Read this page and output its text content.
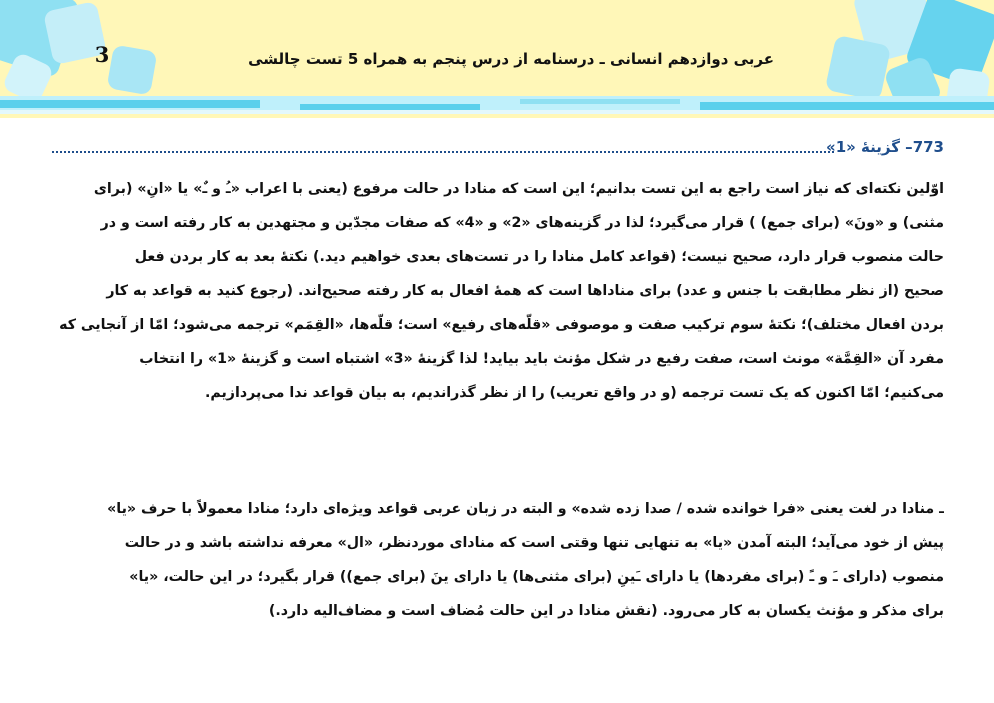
3	عربی دوازدهم انسانی ـ درسنامه از درس پنجم به همراه 5 تست چالشی
773– گزینۀ «1»

اوّلین نکته‌ای که نیاز است راجع به این تست بدانیم؛ این است که منادا در حالت مرفوع (یعنی با اعراب «ـُ و ـٌ» یا «انِ» (برای

مثنی) و «ونَ» (برای جمع) ) قرار می‌گیرد؛ لذا در گزینه‌های «2» و «4» که صفات مجدّین و مجتهدین به کار رفته است و در

حالت منصوب قرار دارد، صحیح نیست؛ (قواعد کامل منادا را در تست‌های بعدی خواهیم دید.) نکتۀ بعد به کار بردن فعل

صحیح (از نظر مطابقت با جنس و عدد) برای مناداها است که همۀ افعال به کار رفته صحیح‌اند. (رجوع کنید به قواعد به کار

بردن افعال مختلف)؛ نکتۀ سوم ترکیب صفت و موصوفی «قلّه‌های رفیع» است؛ قلّه‌ها، «القِمَم» ترجمه می‌شود؛ امّا از آنجایی که

مفرد آن «القِمَّة» مونث است، صفت رفیع در شکل مؤنث باید بیاید! لذا گزینۀ «3» اشتباه است و گزینۀ «1» را انتخاب

می‌کنیم؛ امّا اکنون که یک تست ترجمه (و در واقع تعریب) را از نظر گذراندیم، به بیان قواعد ندا می‌پردازیم.

ـ منادا در لغت یعنی «فرا خوانده شده / صدا زده شده» و البته در زبان عربی قواعد ویژه‌ای دارد؛ منادا معمولاً با حرف «یا»

پیش از خود می‌آید؛ البته آمدن «یا» به تنهایی تنها وقتی است که منادای موردنظر، «ال» معرفه نداشته باشد و در حالت

منصوب (دارای ـَ و ـً (برای مفردها) یا دارای ـَینِ (برای مثنی‌ها) یا دارای ینَ (برای جمع)) قرار بگیرد؛ در این حالت، «یا»

برای مذکر و مؤنث یکسان به کار می‌رود. (نقش منادا در این حالت مُضاف است و مضاف‌الیه دارد.)
